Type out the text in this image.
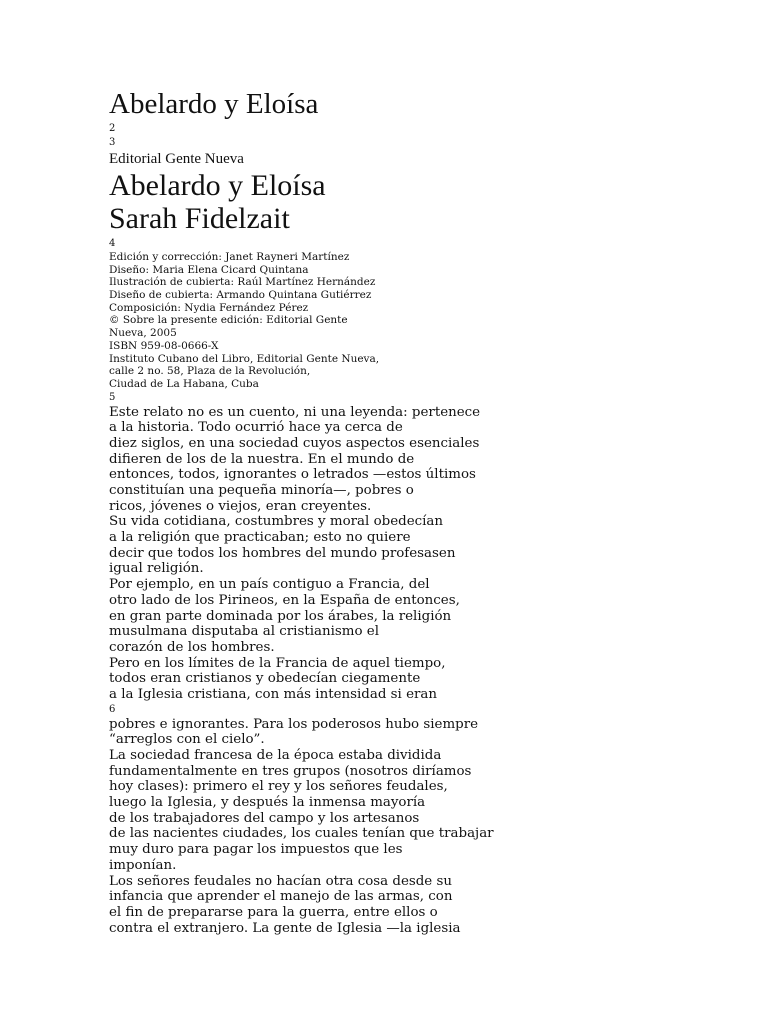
Abelardo y Eloísa
2
3
Editorial Gente Nueva
Abelardo y Eloísa
Sarah Fidelzait
4
Edición y corrección: Janet Rayneri Martínez
Diseño: Maria Elena Cicard Quintana
Ilustración de cubierta: Raúl Martínez Hernández
Diseño de cubierta: Armando Quintana Gutiérrez
Composición: Nydia Fernández Pérez
© Sobre la presente edición: Editorial Gente
Nueva, 2005
ISBN 959-08-0666-X
Instituto Cubano del Libro, Editorial Gente Nueva,
calle 2 no. 58, Plaza de la Revolución,
Ciudad de La Habana, Cuba
5
Este relato no es un cuento, ni una leyenda: pertenece
a la historia. Todo ocurrió hace ya cerca de
diez siglos, en una sociedad cuyos aspectos esenciales
difieren de los de la nuestra. En el mundo de
entonces, todos, ignorantes o letrados —estos últimos
constituían una pequeña minoría—, pobres o
ricos, jóvenes o viejos, eran creyentes.
Su vida cotidiana, costumbres y moral obedecían
a la religión que practicaban; esto no quiere
decir que todos los hombres del mundo profesasen
igual religión.
Por ejemplo, en un país contiguo a Francia, del
otro lado de los Pirineos, en la España de entonces,
en gran parte dominada por los árabes, la religión
musulmana disputaba al cristianismo el
corazón de los hombres.
Pero en los límites de la Francia de aquel tiempo,
todos eran cristianos y obedecían ciegamente
a la Iglesia cristiana, con más intensidad si eran
6
pobres e ignorantes. Para los poderosos hubo siempre
“arreglos con el cielo”.
La sociedad francesa de la época estaba dividida
fundamentalmente en tres grupos (nosotros diríamos
hoy clases): primero el rey y los señores feudales,
luego la Iglesia, y después la inmensa mayoría
de los trabajadores del campo y los artesanos
de las nacientes ciudades, los cuales tenían que trabajar
muy duro para pagar los impuestos que les
imponían.
Los señores feudales no hacían otra cosa desde su
infancia que aprender el manejo de las armas, con
el fin de prepararse para la guerra, entre ellos o
contra el extranjero. La gente de Iglesia —la iglesia
